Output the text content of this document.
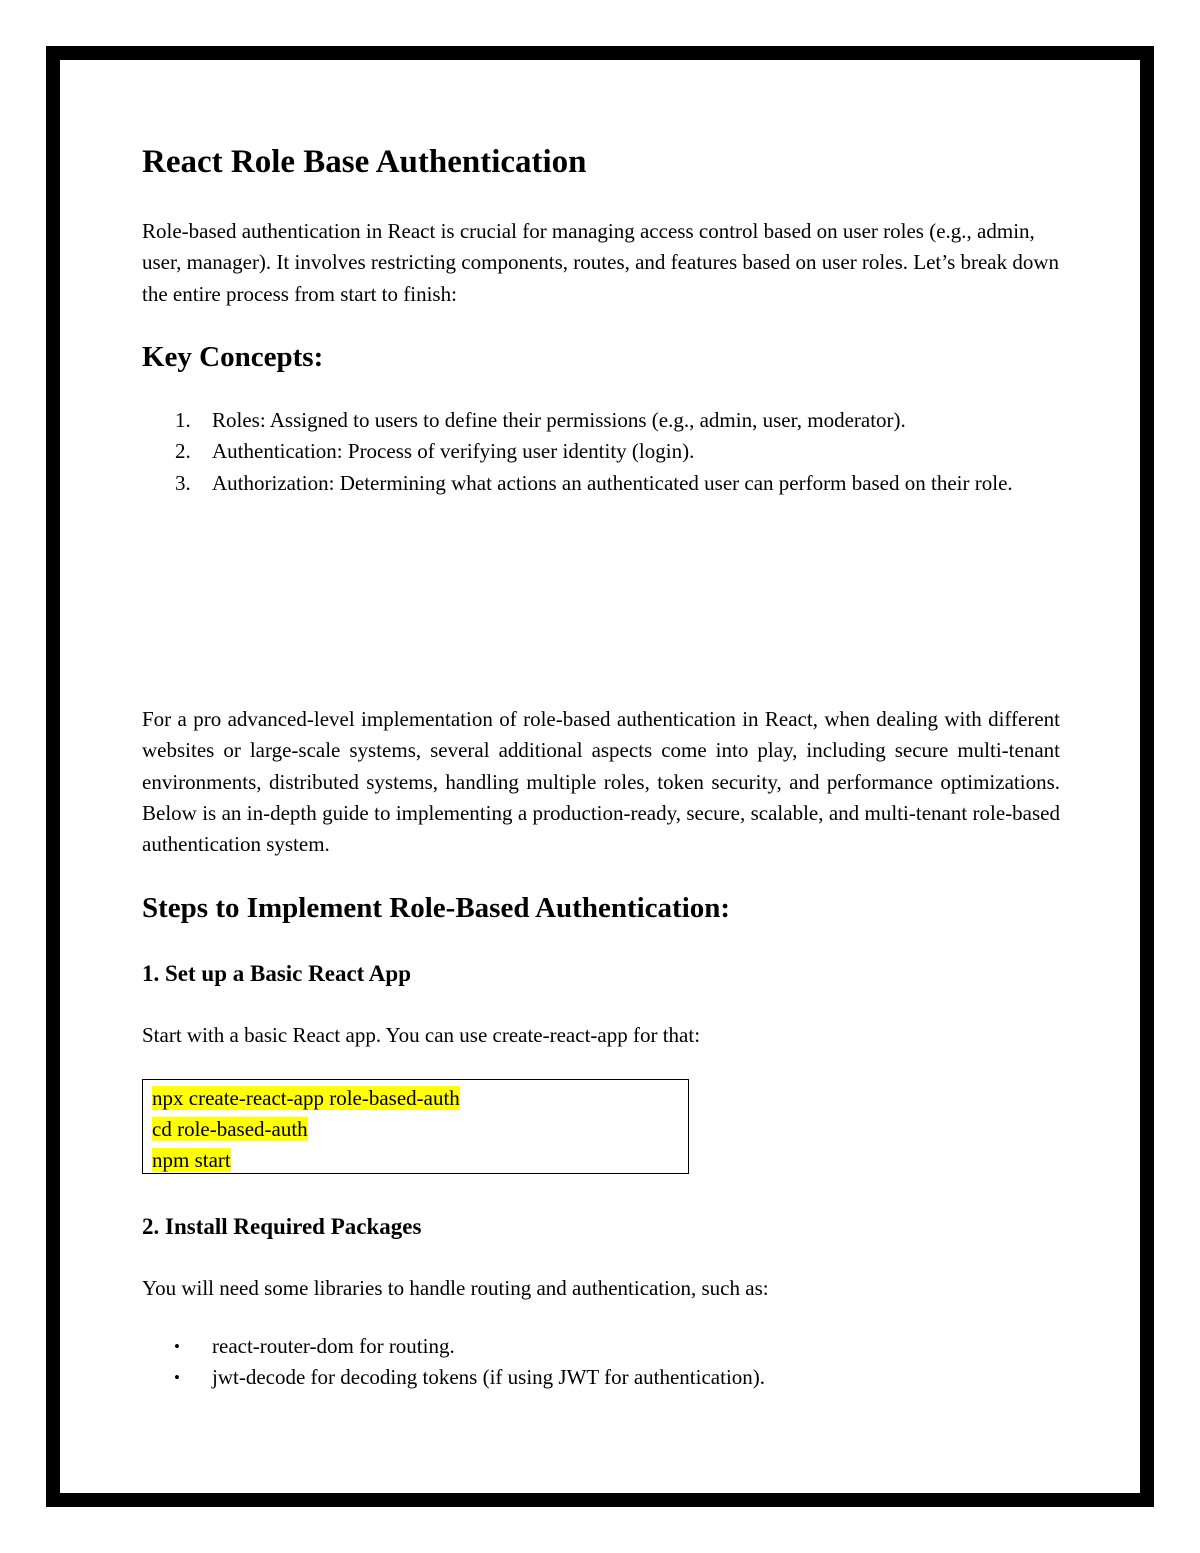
React Role Base Authentication

Role-based authentication in React is crucial for managing access control based on user roles (e.g., admin, user, manager). It involves restricting components, routes, and features based on user roles. Let’s break down the entire process from start to finish:

Key Concepts:
1. Roles: Assigned to users to define their permissions (e.g., admin, user, moderator).
2. Authentication: Process of verifying user identity (login).
3. Authorization: Determining what actions an authenticated user can perform based on their role.

For a pro advanced-level implementation of role-based authentication in React, when dealing with different websites or large-scale systems, several additional aspects come into play, including secure multi-tenant environments, distributed systems, handling multiple roles, token security, and performance optimizations. Below is an in-depth guide to implementing a production-ready, secure, scalable, and multi-tenant role-based authentication system.

Steps to Implement Role-Based Authentication:
1. Set up a Basic React App

Start with a basic React app. You can use create-react-app for that:

npx create-react-app role-based-auth
cd role-based-auth
npm start
2. Install Required Packages

You will need some libraries to handle routing and authentication, such as:

• react-router-dom for routing.
• jwt-decode for decoding tokens (if using JWT for authentication).
